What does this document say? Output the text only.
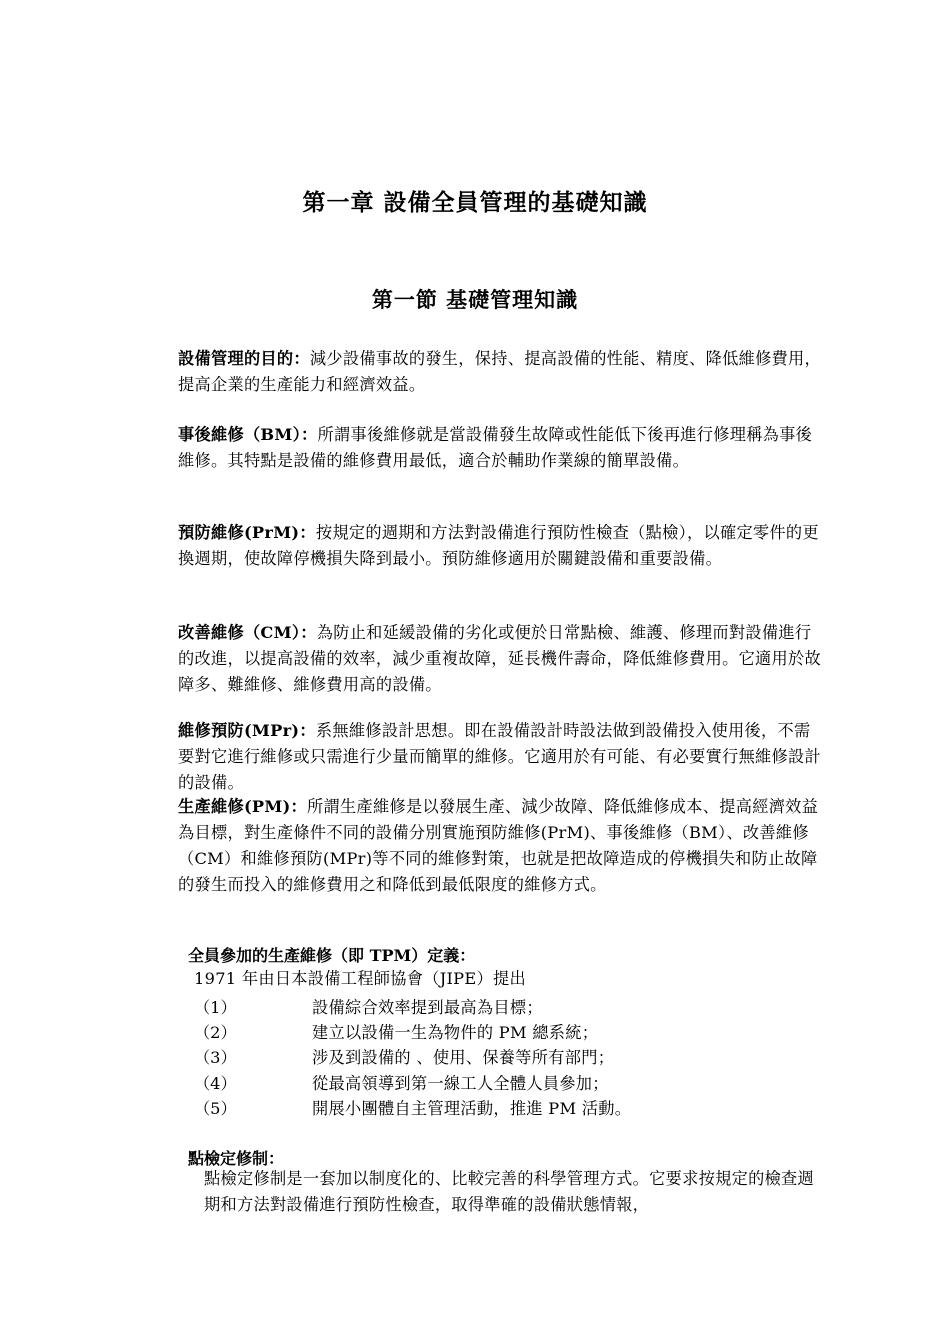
第一章 設備全員管理的基礎知識
第一節 基礎管理知識
設備管理的目的：減少設備事故的發生，保持、提高設備的性能、精度、降低維修費用，提高企業的生產能力和經濟效益。
事後維修（BM）：所謂事後維修就是當設備發生故障或性能低下後再進行修理稱為事後維修。其特點是設備的維修費用最低，適合於輔助作業線的簡單設備。
預防維修(PrM)：按規定的週期和方法對設備進行預防性檢查（點檢），以確定零件的更換週期，使故障停機損失降到最小。預防維修適用於關鍵設備和重要設備。
改善維修（CM）：為防止和延緩設備的劣化或便於日常點檢、維護、修理而對設備進行的改進，以提高設備的效率，減少重複故障，延長機件壽命，降低維修費用。它適用於故障多、難維修、維修費用高的設備。
維修預防(MPr)：系無維修設計思想。即在設備設計時設法做到設備投入使用後，不需要對它進行維修或只需進行少量而簡單的維修。它適用於有可能、有必要實行無維修設計的設備。
生產維修(PM)：所謂生產維修是以發展生產、減少故障、降低維修成本、提高經濟效益為目標，對生產條件不同的設備分別實施預防維修(PrM)、事後維修（BM）、改善維修（CM）和維修預防(MPr)等不同的維修對策，也就是把故障造成的停機損失和防止故障的發生而投入的維修費用之和降低到最低限度的維修方式。
全員參加的生產維修（即 TPM）定義：
1971 年由日本設備工程師協會（JIPE）提出
（1）	設備綜合效率提到最高為目標；
（2）	建立以設備一生為物件的 PM 總系統；
（3）	涉及到設備的 、使用、保養等所有部門；
（4）	從最高領導到第一線工人全體人員參加；
（5）	開展小團體自主管理活動，推進 PM 活動。
點檢定修制：
點檢定修制是一套加以制度化的、比較完善的科學管理方式。它要求按規定的檢查週期和方法對設備進行預防性檢查，取得準確的設備狀態情報，
